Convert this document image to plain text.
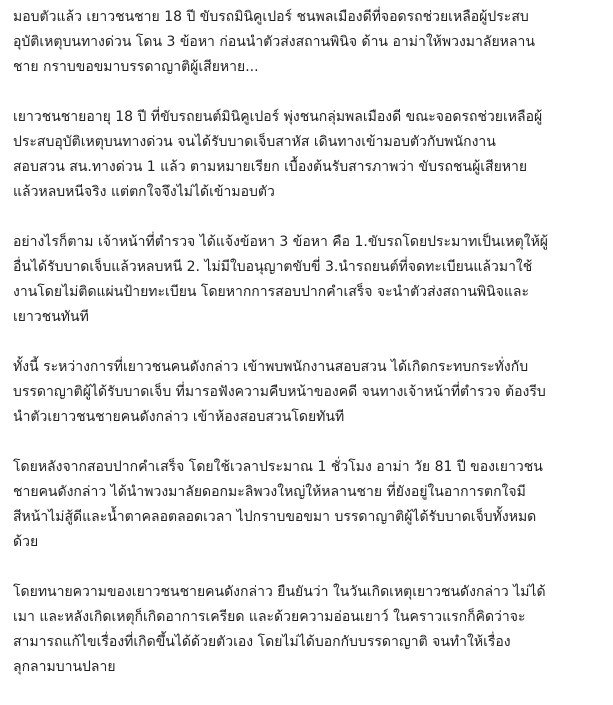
มอบตัวแล้ว เยาวชนชาย 18 ปี ขับรถมินิคูเปอร์ ชนพลเมืองดีที่จอดรถช่วยเหลือผู้ประสบ
อุบัติเหตุบนทางด่วน โดน 3 ข้อหา ก่อนนำตัวส่งสถานพินิจ ด้าน อาม่าให้พวงมาลัยหลาน
ชาย กราบขอขมาบรรดาญาติผู้เสียหาย...

เยาวชนชายอายุ 18 ปี ที่ขับรถยนต์มินิคูเปอร์ พุ่งชนกลุ่มพลเมืองดี ขณะจอดรถช่วยเหลือผู้
ประสบอุบัติเหตุบนทางด่วน จนได้รับบาดเจ็บสาหัส เดินทางเข้ามอบตัวกับพนักงาน
สอบสวน สน.ทางด่วน 1 แล้ว ตามหมายเรียก เบื้องต้นรับสารภาพว่า ขับรถชนผู้เสียหาย
แล้วหลบหนีจริง แต่ตกใจจึงไม่ได้เข้ามอบตัว

อย่างไรก็ตาม เจ้าหน้าที่ตำรวจ ได้แจ้งข้อหา 3 ข้อหา คือ 1.ขับรถโดยประมาทเป็นเหตุให้ผู้
อื่นได้รับบาดเจ็บแล้วหลบหนี 2. ไม่มีใบอนุญาตขับขี่ 3.นำรถยนต์ที่จดทะเบียนแล้วมาใช้
งานโดยไม่ติดแผ่นป้ายทะเบียน โดยหากการสอบปากคำเสร็จ จะนำตัวส่งสถานพินิจและ
เยาวชนทันที

ทั้งนี้ ระหว่างการที่เยาวชนคนดังกล่าว เข้าพบพนักงานสอบสวน ได้เกิดกระทบกระทั่งกับ
บรรดาญาติผู้ได้รับบาดเจ็บ ที่มารอฟังความคืบหน้าของคดี จนทางเจ้าหน้าที่ตำรวจ ต้องรีบ
นำตัวเยาวชนชายคนดังกล่าว เข้าห้องสอบสวนโดยทันที

โดยหลังจากสอบปากคำเสร็จ โดยใช้เวลาประมาณ 1 ชั่วโมง อาม่า วัย 81 ปี ของเยาวชน
ชายคนดังกล่าว ได้นำพวงมาลัยดอกมะลิพวงใหญ่ให้หลานชาย ที่ยังอยู่ในอาการตกใจมี
สีหน้าไม่สู้ดีและน้ำตาคลอตลอดเวลา ไปกราบขอขมา บรรดาญาติผู้ได้รับบาดเจ็บทั้งหมด
ด้วย

โดยทนายความของเยาวชนชายคนดังกล่าว ยืนยันว่า ในวันเกิดเหตุเยาวชนดังกล่าว ไม่ได้
เมา และหลังเกิดเหตุก็เกิดอาการเครียด และด้วยความอ่อนเยาว์ ในคราวแรกก็คิดว่าจะ
สามารถแก้ไขเรื่องที่เกิดขึ้นได้ด้วยตัวเอง โดยไม่ได้บอกกับบรรดาญาติ จนทำให้เรื่อง
ลุกลามบานปลาย
